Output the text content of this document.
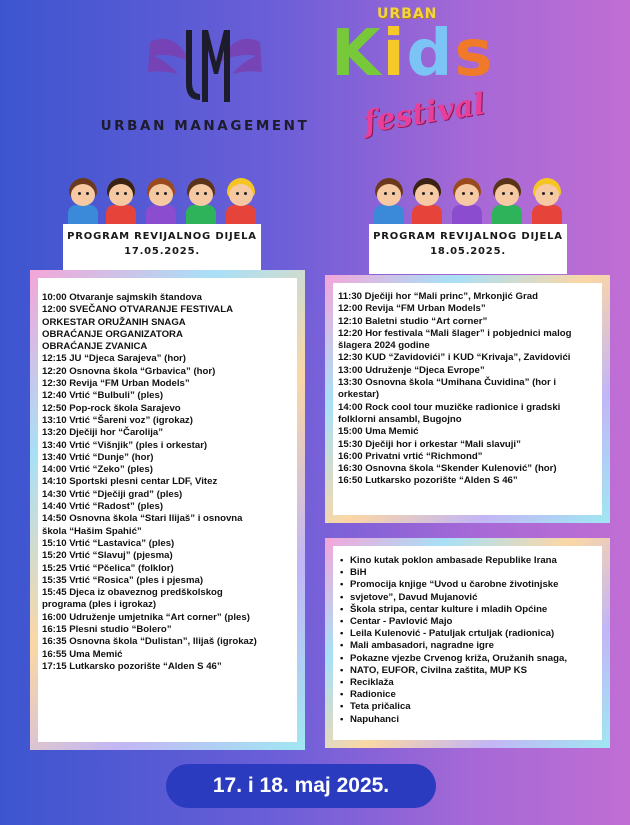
URBAN MANAGEMENT
URBAN
Kids
festival
PROGRAM REVIJALNOG DIJELA
17.05.2025.
PROGRAM REVIJALNOG DIJELA
18.05.2025.
10:00 Otvaranje sajmskih štandova
12:00 SVEČANO OTVARANJE FESTIVALA
ORKESTAR ORUŽANIH SNAGA
OBRAĆANJE ORGANIZATORA
OBRAĆANJE ZVANICA
12:15 JU “Djeca Sarajeva” (hor)
12:20 Osnovna škola “Grbavica” (hor)
12:30 Revija “FM Urban Models”
12:40 Vrtić “Bulbuli” (ples)
12:50 Pop-rock škola Sarajevo
13:10 Vrtić “Šareni voz” (igrokaz)
13:20 Dječiji hor “Čarolija”
13:40 Vrtić “Višnjik” (ples i orkestar)
13:40 Vrtić “Dunje” (hor)
14:00 Vrtić “Zeko” (ples)
14:10 Sportski plesni centar LDF, Vitez
14:30 Vrtić “Dječiji grad” (ples)
14:40 Vrtić “Radost” (ples)
14:50 Osnovna škola “Stari Ilijaš” i osnovna
škola “Hašim Spahić”
15:10 Vrtić “Lastavica” (ples)
15:20 Vrtić “Slavuj” (pjesma)
15:25 Vrtić “Pčelica” (folklor)
15:35 Vrtić “Rosica” (ples i pjesma)
15:45 Djeca iz obaveznog predškolskog
programa (ples i igrokaz)
16:00 Udruženje umjetnika “Art corner” (ples)
16:15 Plesni studio “Bolero”
16:35 Osnovna škola “Dulistan”, Ilijaš (igrokaz)
16:55 Uma Memić
17:15 Lutkarsko pozorište “Alden S 46”
11:30 Dječiji hor “Mali princ”, Mrkonjić Grad
12:00 Revija “FM Urban Models”
12:10 Baletni studio “Art corner”
12:20 Hor festivala “Mali šlager” i pobjednici malog
šlagera 2024 godine
12:30 KUD “Zavidovići” i KUD “Krivaja”, Zavidovići
13:00 Udruženje “Djeca Evrope”
13:30 Osnovna škola “Umihana Čuvidina” (hor i
orkestar)
14:00 Rock cool tour muzičke radionice i gradski
folklorni ansambl, Bugojno
15:00 Uma Memić
15:30 Dječiji hor i orkestar “Mali slavuji”
16:00 Privatni vrtić “Richmond”
16:30 Osnovna škola “Skender Kulenović” (hor)
16:50 Lutkarsko pozorište “Alden S 46”
• Kino kutak poklon ambasade Republike Irana
• BiH
• Promocija knjige “Uvod u čarobne životinjske
• svjetove”, Davud Mujanović
• Škola stripa, centar kulture i mladih Općine
• Centar - Pavlović Majo
• Leila Kulenović - Patuljak crtuljak (radionica)
• Mali ambasadori, nagradne igre
• Pokazne vjezbe Crvenog križa, Oružanih snaga,
• NATO, EUFOR, Civilna zaštita, MUP KS
• Reciklaža
• Radionice
• Teta pričalica
• Napuhanci
17. i 18. maj 2025.
